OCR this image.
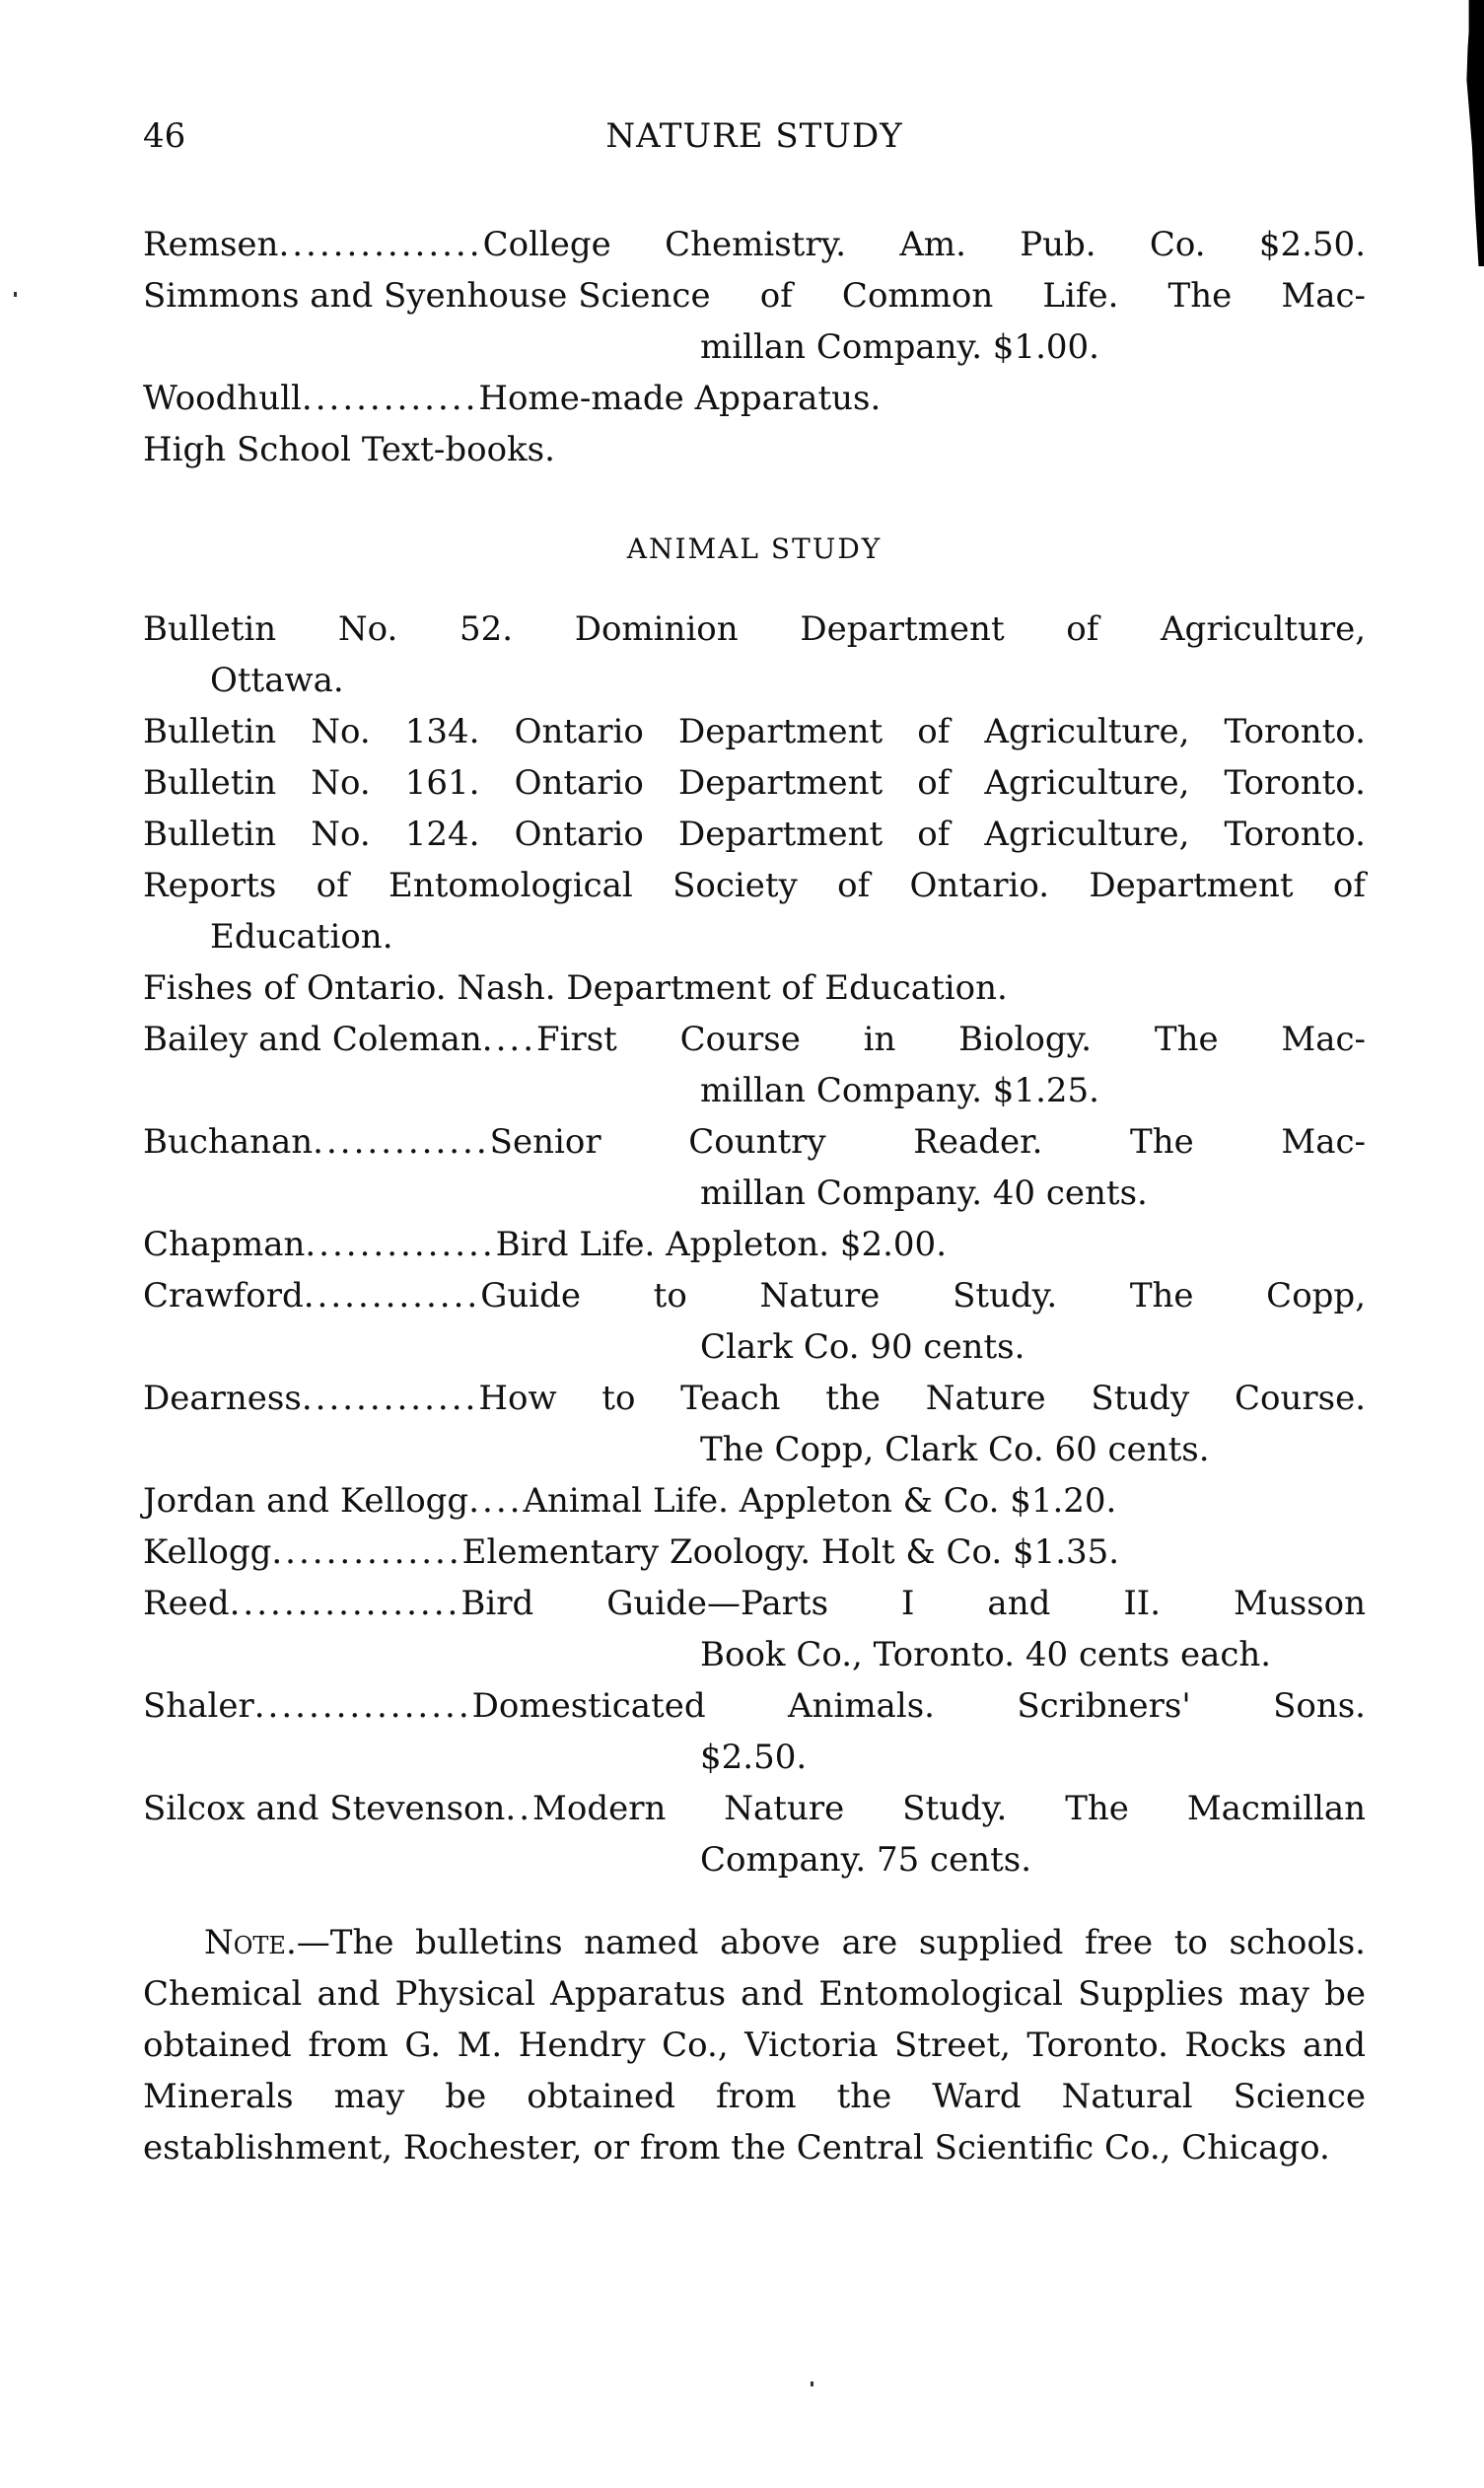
46	NATURE STUDY
Remsen ............... College Chemistry. Am. Pub. Co. $2.50.
Simmons and Syenhouse
Science of Common Life. The Mac-
millan Company. $1.00.
Woodhull ............. Home-made Apparatus.
High School Text-books.
ANIMAL STUDY
Bulletin No. 52. Dominion Department of Agriculture,
Ottawa.
Bulletin No. 134. Ontario Department of Agriculture, Toronto.
Bulletin No. 161. Ontario Department of Agriculture, Toronto.
Bulletin No. 124. Ontario Department of Agriculture, Toronto.
Reports of Entomological Society of Ontario. Department of
Education.
Fishes of Ontario. Nash. Department of Education.
Bailey and Coleman .... First Course in Biology. The Mac-
millan Company. $1.25.
Buchanan ............. Senior Country Reader. The Mac-
millan Company. 40 cents.
Chapman .............. Bird Life. Appleton. $2.00.
Crawford ............. Guide to Nature Study. The Copp,
Clark Co. 90 cents.
Dearness ............. How to Teach the Nature Study Course.
The Copp, Clark Co. 60 cents.
Jordan and Kellogg .... Animal Life. Appleton & Co. $1.20.
Kellogg .............. Elementary Zoology. Holt & Co. $1.35.
Reed ................. Bird Guide—Parts I and II. Musson
Book Co., Toronto. 40 cents each.
Shaler ................ Domesticated Animals. Scribners' Sons.
$2.50.
Silcox and Stevenson .. Modern Nature Study. The Macmillan
Company. 75 cents.
Note.—The bulletins named above are supplied free to schools. Chemical and Physical Apparatus and Entomological Supplies may be obtained from G. M. Hendry Co., Victoria Street, Toronto. Rocks and Minerals may be obtained from the Ward Natural Science establishment, Rochester, or from the Central Scientific Co., Chicago.
